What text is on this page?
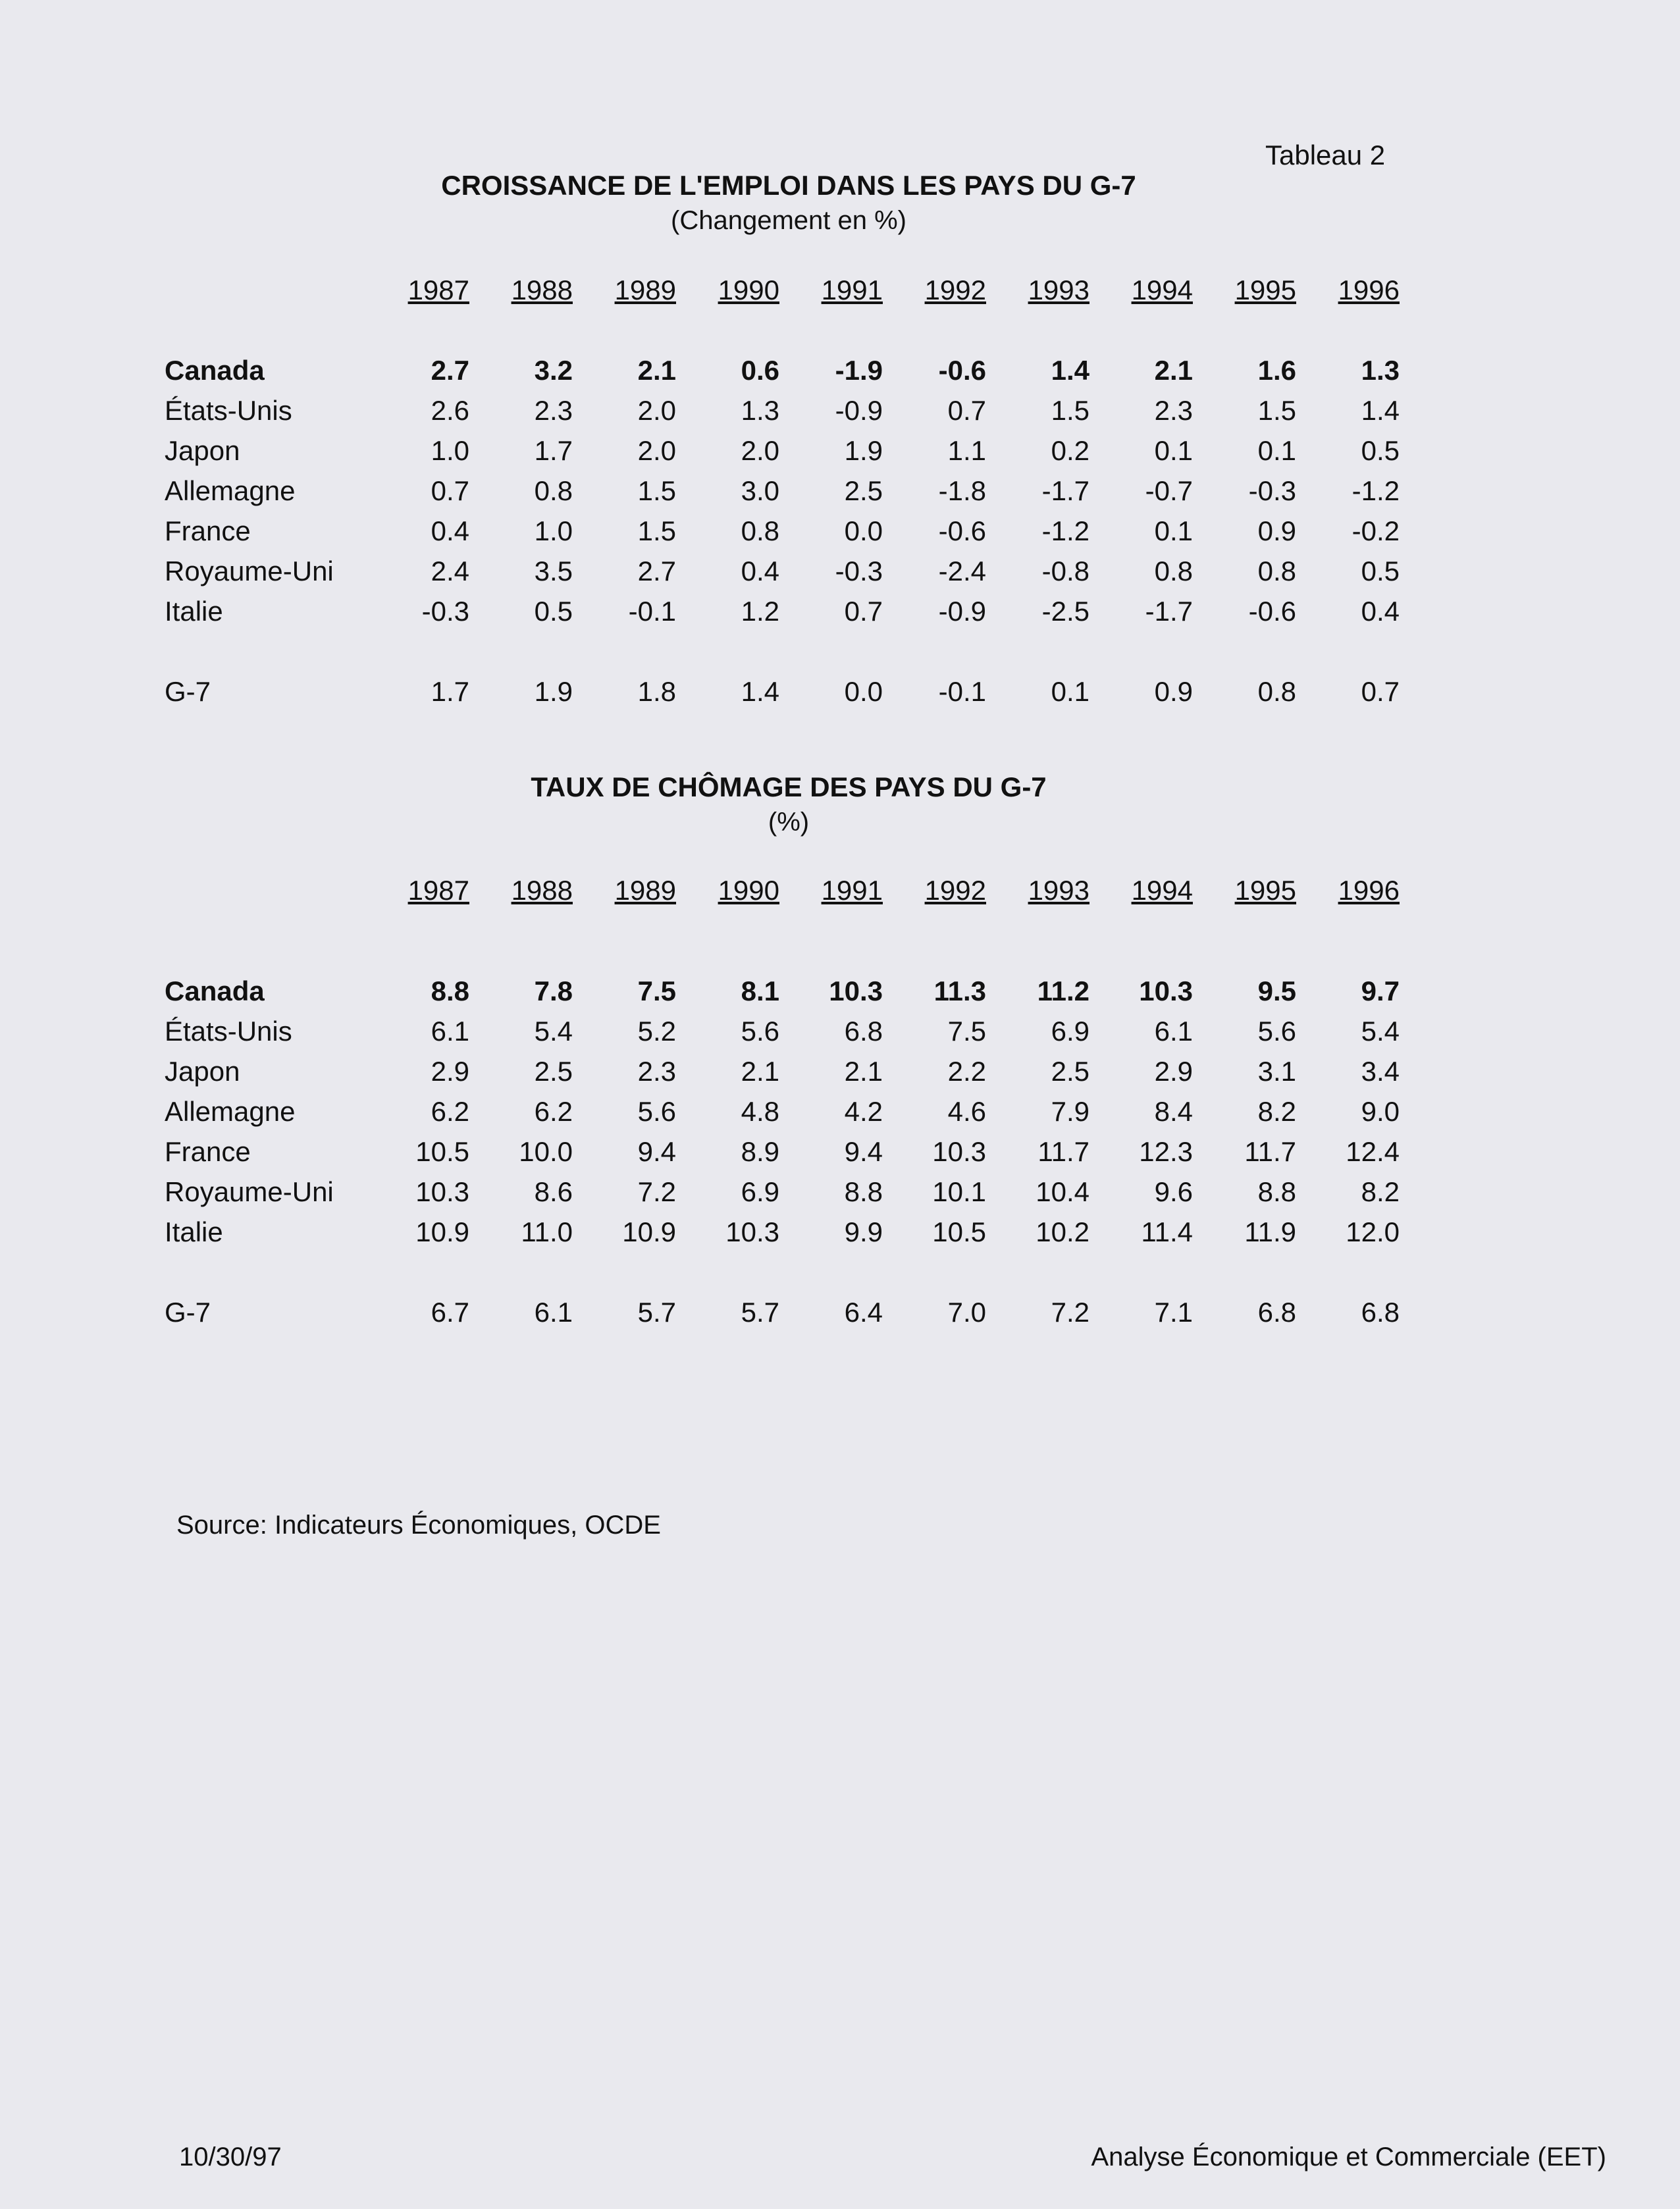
Tableau 2
CROISSANCE DE L'EMPLOI DANS LES PAYS DU G-7
(Changement en %)
	1987	1988	1989	1990	1991	1992	1993	1994	1995	1996

Canada	2.7	3.2	2.1	0.6	-1.9	-0.6	1.4	2.1	1.6	1.3
États-Unis	2.6	2.3	2.0	1.3	-0.9	0.7	1.5	2.3	1.5	1.4
Japon	1.0	1.7	2.0	2.0	1.9	1.1	0.2	0.1	0.1	0.5
Allemagne	0.7	0.8	1.5	3.0	2.5	-1.8	-1.7	-0.7	-0.3	-1.2
France	0.4	1.0	1.5	0.8	0.0	-0.6	-1.2	0.1	0.9	-0.2
Royaume-Uni	2.4	3.5	2.7	0.4	-0.3	-2.4	-0.8	0.8	0.8	0.5
Italie	-0.3	0.5	-0.1	1.2	0.7	-0.9	-2.5	-1.7	-0.6	0.4

G-7	1.7	1.9	1.8	1.4	0.0	-0.1	0.1	0.9	0.8	0.7
TAUX DE CHÔMAGE DES PAYS DU G-7
(%)
	1987	1988	1989	1990	1991	1992	1993	1994	1995	1996

Canada	8.8	7.8	7.5	8.1	10.3	11.3	11.2	10.3	9.5	9.7
États-Unis	6.1	5.4	5.2	5.6	6.8	7.5	6.9	6.1	5.6	5.4
Japon	2.9	2.5	2.3	2.1	2.1	2.2	2.5	2.9	3.1	3.4
Allemagne	6.2	6.2	5.6	4.8	4.2	4.6	7.9	8.4	8.2	9.0
France	10.5	10.0	9.4	8.9	9.4	10.3	11.7	12.3	11.7	12.4
Royaume-Uni	10.3	8.6	7.2	6.9	8.8	10.1	10.4	9.6	8.8	8.2
Italie	10.9	11.0	10.9	10.3	9.9	10.5	10.2	11.4	11.9	12.0

G-7	6.7	6.1	5.7	5.7	6.4	7.0	7.2	7.1	6.8	6.8
Source: Indicateurs Économiques, OCDE
10/30/97	Analyse Économique et Commerciale (EET)
